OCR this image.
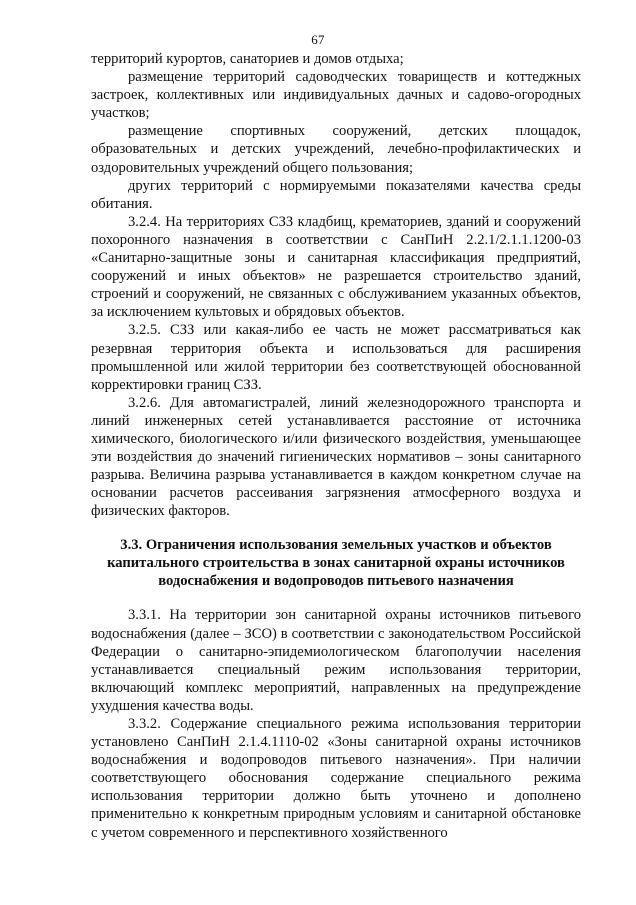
67

территорий курортов, санаториев и домов отдыха;

размещение территорий садоводческих товариществ и коттеджных застроек, коллективных или индивидуальных дачных и садово-огородных участков;

размещение спортивных сооружений, детских площадок, образовательных и детских учреждений, лечебно-профилактических и оздоровительных учреждений общего пользования;

других территорий с нормируемыми показателями качества среды обитания.

3.2.4. На территориях СЗЗ кладбищ, крематориев, зданий и сооружений похоронного назначения в соответствии с СанПиН 2.2.1/2.1.1.1200-03 «Санитарно-защитные зоны и санитарная классификация предприятий, сооружений и иных объектов» не разрешается строительство зданий, строений и сооружений, не связанных с обслуживанием указанных объектов, за исключением культовых и обрядовых объектов.

3.2.5. СЗЗ или какая-либо ее часть не может рассматриваться как резервная территория объекта и использоваться для расширения промышленной или жилой территории без соответствующей обоснованной корректировки границ СЗЗ.

3.2.6. Для автомагистралей, линий железнодорожного транспорта и линий инженерных сетей устанавливается расстояние от источника химического, биологического и/или физического воздействия, уменьшающее эти воздействия до значений гигиенических нормативов – зоны санитарного разрыва. Величина разрыва устанавливается в каждом конкретном случае на основании расчетов рассеивания загрязнения атмосферного воздуха и физических факторов.

3.3. Ограничения использования земельных участков и объектов капитального строительства в зонах санитарной охраны источников водоснабжения и водопроводов питьевого назначения

3.3.1. На территории зон санитарной охраны источников питьевого водоснабжения (далее – ЗСО) в соответствии с законодательством Российской Федерации о санитарно-эпидемиологическом благополучии населения устанавливается специальный режим использования территории, включающий комплекс мероприятий, направленных на предупреждение ухудшения качества воды.

3.3.2. Содержание специального режима использования территории установлено СанПиН 2.1.4.1110-02 «Зоны санитарной охраны источников водоснабжения и водопроводов питьевого назначения». При наличии соответствующего обоснования содержание специального режима использования территории должно быть уточнено и дополнено применительно к конкретным природным условиям и санитарной обстановке с учетом современного и перспективного хозяйственного
